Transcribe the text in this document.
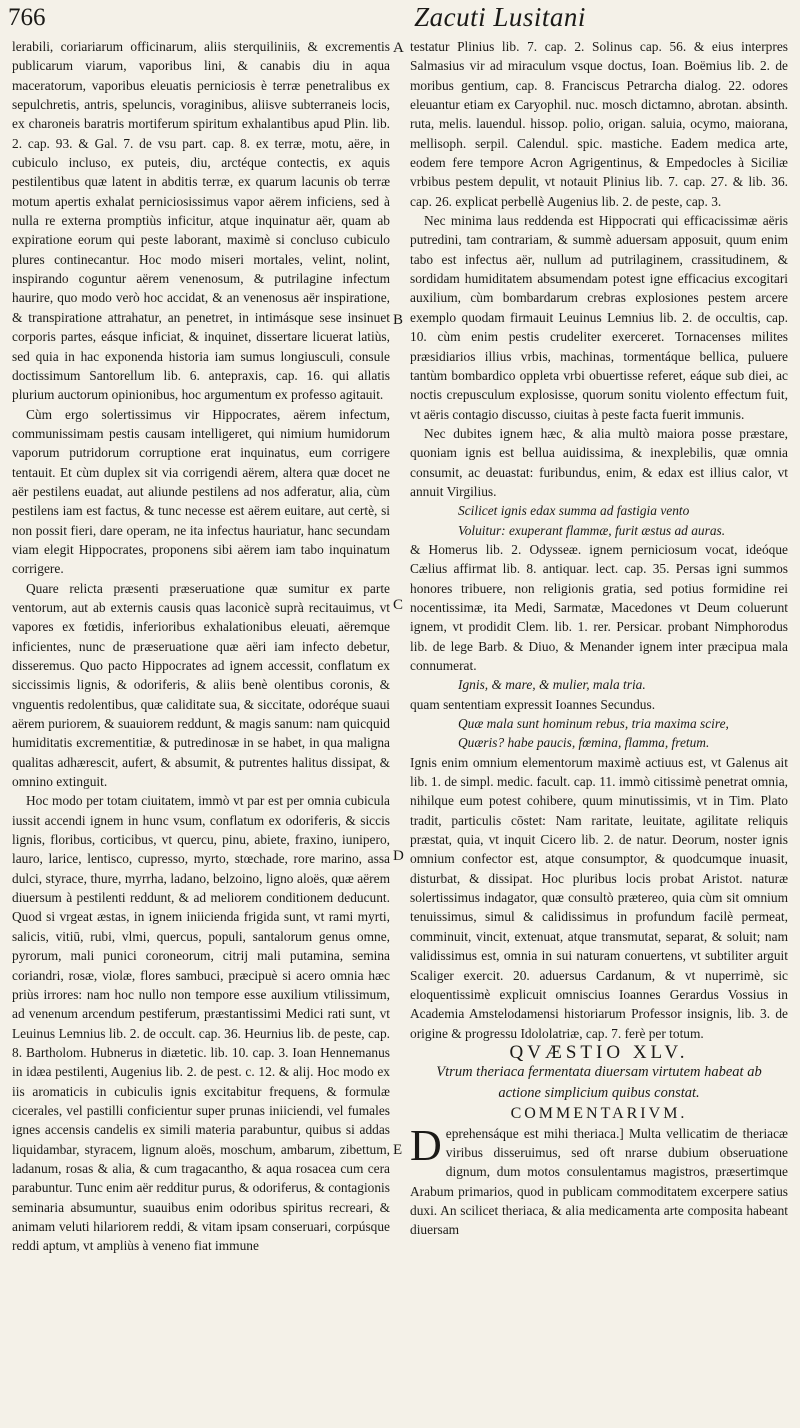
766	Zacuti Lusitani
A
B
C
D
E

lerabili, coriariarum officinarum, aliis sterquiliniis, & excrementis publicarum viarum, vaporibus lini, & canabis diu in aqua maceratorum, vaporibus eleuatis perniciosis è terræ penetralibus ex sepulchretis, antris, speluncis, voraginibus, aliisve subterraneis locis, ex charoneis baratris mortiferum spiritum exhalantibus apud Plin. lib. 2. cap. 93. & Gal. 7. de vsu part. cap. 8. ex terræ, motu, aëre, in cubiculo incluso, ex puteis, diu, arctéque contectis, ex aquis pestilentibus quæ latent in abditis terræ, ex quarum lacunis ob terræ motum apertis exhalat perniciosissimus vapor aërem inficiens, sed à nulla re externa promptiùs inficitur, atque inquinatur aër, quam ab expiratione eorum qui peste laborant, maximè si concluso cubiculo plures continecantur. Hoc modo miseri mortales, velint, nolint, inspirando coguntur aërem venenosum, & putrilagine infectum haurire, quo modo verò hoc accidat, & an venenosus aër inspiratione, & transpiratione attrahatur, an penetret, in intimásque sese insinuet corporis partes, eásque inficiat, & inquinet, dissertare licuerat latiùs, sed quia in hac exponenda historia iam sumus longiusculi, consule doctissimum Santorellum lib. 6. antepraxis, cap. 16. qui allatis plurium auctorum opinionibus, hoc argumentum ex professo agitauit.

Cùm ergo solertissimus vir Hippocrates, aërem infectum, communissimam pestis causam intelligeret, qui nimium humidorum vaporum putridorum corruptione erat inquinatus, eum corrigere tentauit. Et cùm duplex sit via corrigendi aërem, altera quæ docet ne aër pestilens euadat, aut aliunde pestilens ad nos adferatur, alia, cùm pestilens iam est factus, & tunc necesse est aërem euitare, aut certè, si non possit fieri, dare operam, ne ita infectus hauriatur, hanc secundam viam elegit Hippocrates, proponens sibi aërem iam tabo inquinatum corrigere.

Quare relicta præsenti præseruatione quæ sumitur ex parte ventorum, aut ab externis causis quas laconicè suprà recitauimus, vt vapores ex fœtidis, inferioribus exhalationibus eleuati, aëremque inficientes, nunc de præseruatione quæ aëri iam infecto debetur, disseremus. Quo pacto Hippocrates ad ignem accessit, conflatum ex siccissimis lignis, & odoriferis, & aliis benè olentibus coronis, & vnguentis redolentibus, quæ caliditate sua, & siccitate, odoréque suaui aërem puriorem, & suauiorem reddunt, & magis sanum: nam quicquid humiditatis excrementitiæ, & putredinosæ in se habet, in qua maligna qualitas adhærescit, aufert, & absumit, & putrentes halitus dissipat, & omnino extinguit.

Hoc modo per totam ciuitatem, immò vt par est per omnia cubicula iussit accendi ignem in hunc vsum, conflatum ex odoriferis, & siccis lignis, floribus, corticibus, vt quercu, pinu, abiete, fraxino, iunipero, lauro, larice, lentisco, cupresso, myrto, stœchade, rore marino, assa dulci, styrace, thure, myrrha, ladano, belzoino, ligno aloës, quæ aërem diuersum à pestilenti reddunt, & ad meliorem conditionem deducunt. Quod si vrgeat æstas, in ignem iniicienda frigida sunt, vt rami myrti, salicis, vitiū, rubi, vlmi, quercus, populi, santalorum genus omne, pyrorum, mali punici coroneorum, citrij mali putamina, semina coriandri, rosæ, violæ, flores sambuci, præcipuè si acero omnia hæc priùs irrores: nam hoc nullo non tempore esse auxilium vtilissimum, ad venenum arcendum pestiferum, præstantissimi Medici rati sunt, vt Leuinus Lemnius lib. 2. de occult. cap. 36. Heurnius lib. de peste, cap. 8. Bartholom. Hubnerus in diætetic. lib. 10. cap. 3. Ioan Hennemanus in idæa pestilenti, Augenius lib. 2. de pest. c. 12. & alij. Hoc modo ex iis aromaticis in cubiculis ignis excitabitur frequens, & formulæ cicerales, vel pastilli conficientur super prunas iniiciendi, vel fumales ignes accensis candelis ex simili materia parabuntur, quibus si addas liquidambar, styracem, lignum aloës, moschum, ambarum, zibettum, ladanum, rosas & alia, & cum tragacantho, & aqua rosacea cum cera parabuntur. Tunc enim aër redditur purus, & odoriferus, & contagionis seminaria absumuntur, suauibus enim odoribus spiritus recreari, & animam veluti hilariorem reddi, & vitam ipsam conseruari, corpúsque reddi aptum, vt ampliùs à veneno fiat immune

testatur Plinius lib. 7. cap. 2. Solinus cap. 56. & eius interpres Salmasius vir ad miraculum vsque doctus, Ioan. Boëmius lib. 2. de moribus gentium, cap. 8. Franciscus Petrarcha dialog. 22. odores eleuantur etiam ex Caryophil. nuc. mosch dictamno, abrotan. absinth. ruta, melis. lauendul. hissop. polio, origan. saluia, ocymo, maiorana, mellisoph. serpil. Calendul. spic. mastiche. Eadem medica arte, eodem fere tempore Acron Agrigentinus, & Empedocles à Siciliæ vrbibus pestem depulit, vt notauit Plinius lib. 7. cap. 27. & lib. 36. cap. 26. explicat perbellè Augenius lib. 2. de peste, cap. 3.

Nec minima laus reddenda est Hippocrati qui efficacissimæ aëris putredini, tam contrariam, & summè aduersam apposuit, quum enim tabo est infectus aër, nullum ad putrilaginem, crassitudinem, & sordidam humiditatem absumendam potest igne efficacius excogitari auxilium, cùm bombardarum crebras explosiones pestem arcere exemplo quodam firmauit Leuinus Lemnius lib. 2. de occultis, cap. 10. cùm enim pestis crudeliter exerceret. Tornacenses milites præsidiarios illius vrbis, machinas, tormentáque bellica, puluere tantùm bombardico oppleta vrbi obuertisse referet, eáque sub diei, ac noctis crepusculum explosisse, quorum sonitu violento effectum fuit, vt aëris contagio discusso, ciuitas à peste facta fuerit immunis.

Nec dubites ignem hæc, & alia multò maiora posse præstare, quoniam ignis est bellua auidissima, & inexplebilis, quæ omnia consumit, ac deuastat: furibundus, enim, & edax est illius calor, vt annuit Virgilius.

Scilicet ignis edax summa ad fastigia vento
Voluitur: exuperant flammæ, furit æstus ad auras.

& Homerus lib. 2. Odysseæ. ignem perniciosum vocat, ideóque Cælius affirmat lib. 8. antiquar. lect. cap. 35. Persas igni summos honores tribuere, non religionis gratia, sed potius formidine rei nocentissimæ, ita Medi, Sarmatæ, Macedones vt Deum coluerunt ignem, vt prodidit Clem. lib. 1. rer. Persicar. probant Nimphorodus lib. de lege Barb. & Diuo, & Menander ignem inter præcipua mala connumerat.

Ignis, & mare, & mulier, mala tria.

quam sententiam expressit Ioannes Secundus.

Quæ mala sunt hominum rebus, tria maxima scire,
Quæris? habe paucis, fœmina, flamma, fretum.

Ignis enim omnium elementorum maximè actiuus est, vt Galenus ait lib. 1. de simpl. medic. facult. cap. 11. immò citissimè penetrat omnia, nihilque eum potest cohibere, quum minutissimis, vt in Tim. Plato tradit, particulis cōstet: Nam raritate, leuitate, agilitate reliquis præstat, quia, vt inquit Cicero lib. 2. de natur. Deorum, noster ignis omnium confector est, atque consumptor, & quodcumque inuasit, disturbat, & dissipat. Hoc pluribus locis probat Aristot. naturæ solertissimus indagator, quæ consultò prætereo, quia cùm sit omnium tenuissimus, simul & calidissimus in profundum facilè permeat, comminuit, vincit, extenuat, atque transmutat, separat, & soluit; nam validissimus est, omnia in sui naturam conuertens, vt subtiliter arguit Scaliger exercit. 20. aduersus Cardanum, & vt nuperrimè, sic eloquentissimè explicuit omniscius Ioannes Gerardus Vossius in Academia Amstelodamensi historiarum Professor insignis, lib. 3. de origine & progressu Idololatriæ, cap. 7. ferè per totum.

QVÆSTIO XLV.

Vtrum theriaca fermentata diuersam virtutem habeat ab actione simplicium quibus constat.

COMMENTARIVM.

D eprehensáque est mihi theriaca.] Multa vellicatim de theriacæ viribus disseruimus, sed oft nrarse dubium obseruatione dignum, dum motos consulentamus magistros, præsertimque Arabum primarios, quod in publicam commoditatem excerpere satius duxi. An scilicet theriaca, & alia medicamenta arte composita habeant diuersam
